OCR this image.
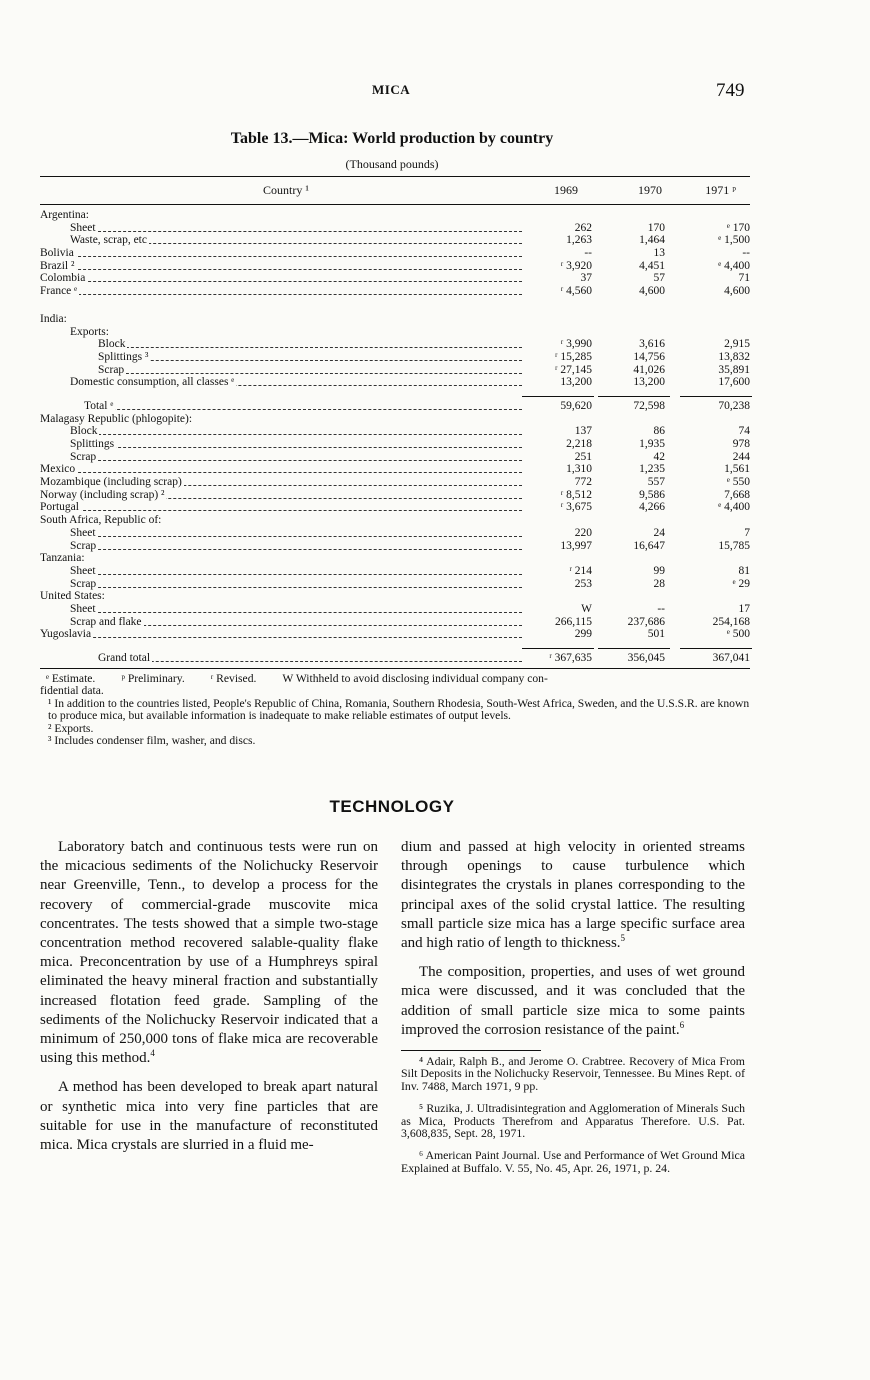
MICA	749
Table 13.—Mica: World production by country
(Thousand pounds)
Country ¹	1969	1970	1971 ᵖ
Argentina:
Sheet	262	170	ᵉ 170
Waste, scrap, etc	1,263	1,464	ᵉ 1,500
Bolivia	--	13	--
Brazil ²	ʳ 3,920	4,451	ᵉ 4,400
Colombia	37	57	71
France ᵉ	ʳ 4,560	4,600	4,600
India:
Exports:
Block	ʳ 3,990	3,616	2,915
Splittings ³	ʳ 15,285	14,756	13,832
Scrap	ʳ 27,145	41,026	35,891
Domestic consumption, all classes ᵉ	13,200	13,200	17,600
Total ᵉ	59,620	72,598	70,238
Malagasy Republic (phlogopite):
Block	137	86	74
Splittings	2,218	1,935	978
Scrap	251	42	244
Mexico	1,310	1,235	1,561
Mozambique (including scrap)	772	557	ᵉ 550
Norway (including scrap) ²	ʳ 8,512	9,586	7,668
Portugal	ʳ 3,675	4,266	ᵉ 4,400
South Africa, Republic of:
Sheet	220	24	7
Scrap	13,997	16,647	15,785
Tanzania:
Sheet	ʳ 214	99	81
Scrap	253	28	ᵉ 29
United States:
Sheet	W	--	17
Scrap and flake	266,115	237,686	254,168
Yugoslavia	299	501	ᵉ 500
Grand total	ʳ 367,635	356,045	367,041
ᵉ Estimate. ᵖ Preliminary. ʳ Revised. W Withheld to avoid disclosing individual company con-

fidential data.

¹ In addition to the countries listed, People's Republic of China, Romania, Southern Rhodesia, South-West Africa, Sweden, and the U.S.S.R. are known to produce mica, but available information is inadequate to make reliable estimates of output levels.

² Exports.

³ Includes condenser film, washer, and discs.

TECHNOLOGY

Laboratory batch and continuous tests were run on the micacious sediments of the Nolichucky Reservoir near Greenville, Tenn., to develop a process for the recovery of commercial-grade muscovite mica concentrates. The tests showed that a simple two-stage concentration method recovered salable-quality flake mica. Preconcentration by use of a Humphreys spiral eliminated the heavy mineral fraction and substantially increased flotation feed grade. Sampling of the sediments of the Nolichucky Reservoir indicated that a minimum of 250,000 tons of flake mica are recoverable using this method.$^4$

A method has been developed to break apart natural or synthetic mica into very fine particles that are suitable for use in the manufacture of reconstituted mica. Mica crystals are slurried in a fluid me-

dium and passed at high velocity in oriented streams through openings to cause turbulence which disintegrates the crystals in planes corresponding to the principal axes of the solid crystal lattice. The resulting small particle size mica has a large specific surface area and high ratio of length to thickness.$^5$

The composition, properties, and uses of wet ground mica were discussed, and it was concluded that the addition of small particle size mica to some paints improved the corrosion resistance of the paint.$^6$

⁴ Adair, Ralph B., and Jerome O. Crabtree. Recovery of Mica From Silt Deposits in the Nolichucky Reservoir, Tennessee. Bu Mines Rept. of Inv. 7488, March 1971, 9 pp.

⁵ Ruzika, J. Ultradisintegration and Agglomeration of Minerals Such as Mica, Products Therefrom and Apparatus Therefore. U.S. Pat. 3,608,835, Sept. 28, 1971.

⁶ American Paint Journal. Use and Performance of Wet Ground Mica Explained at Buffalo. V. 55, No. 45, Apr. 26, 1971, p. 24.
